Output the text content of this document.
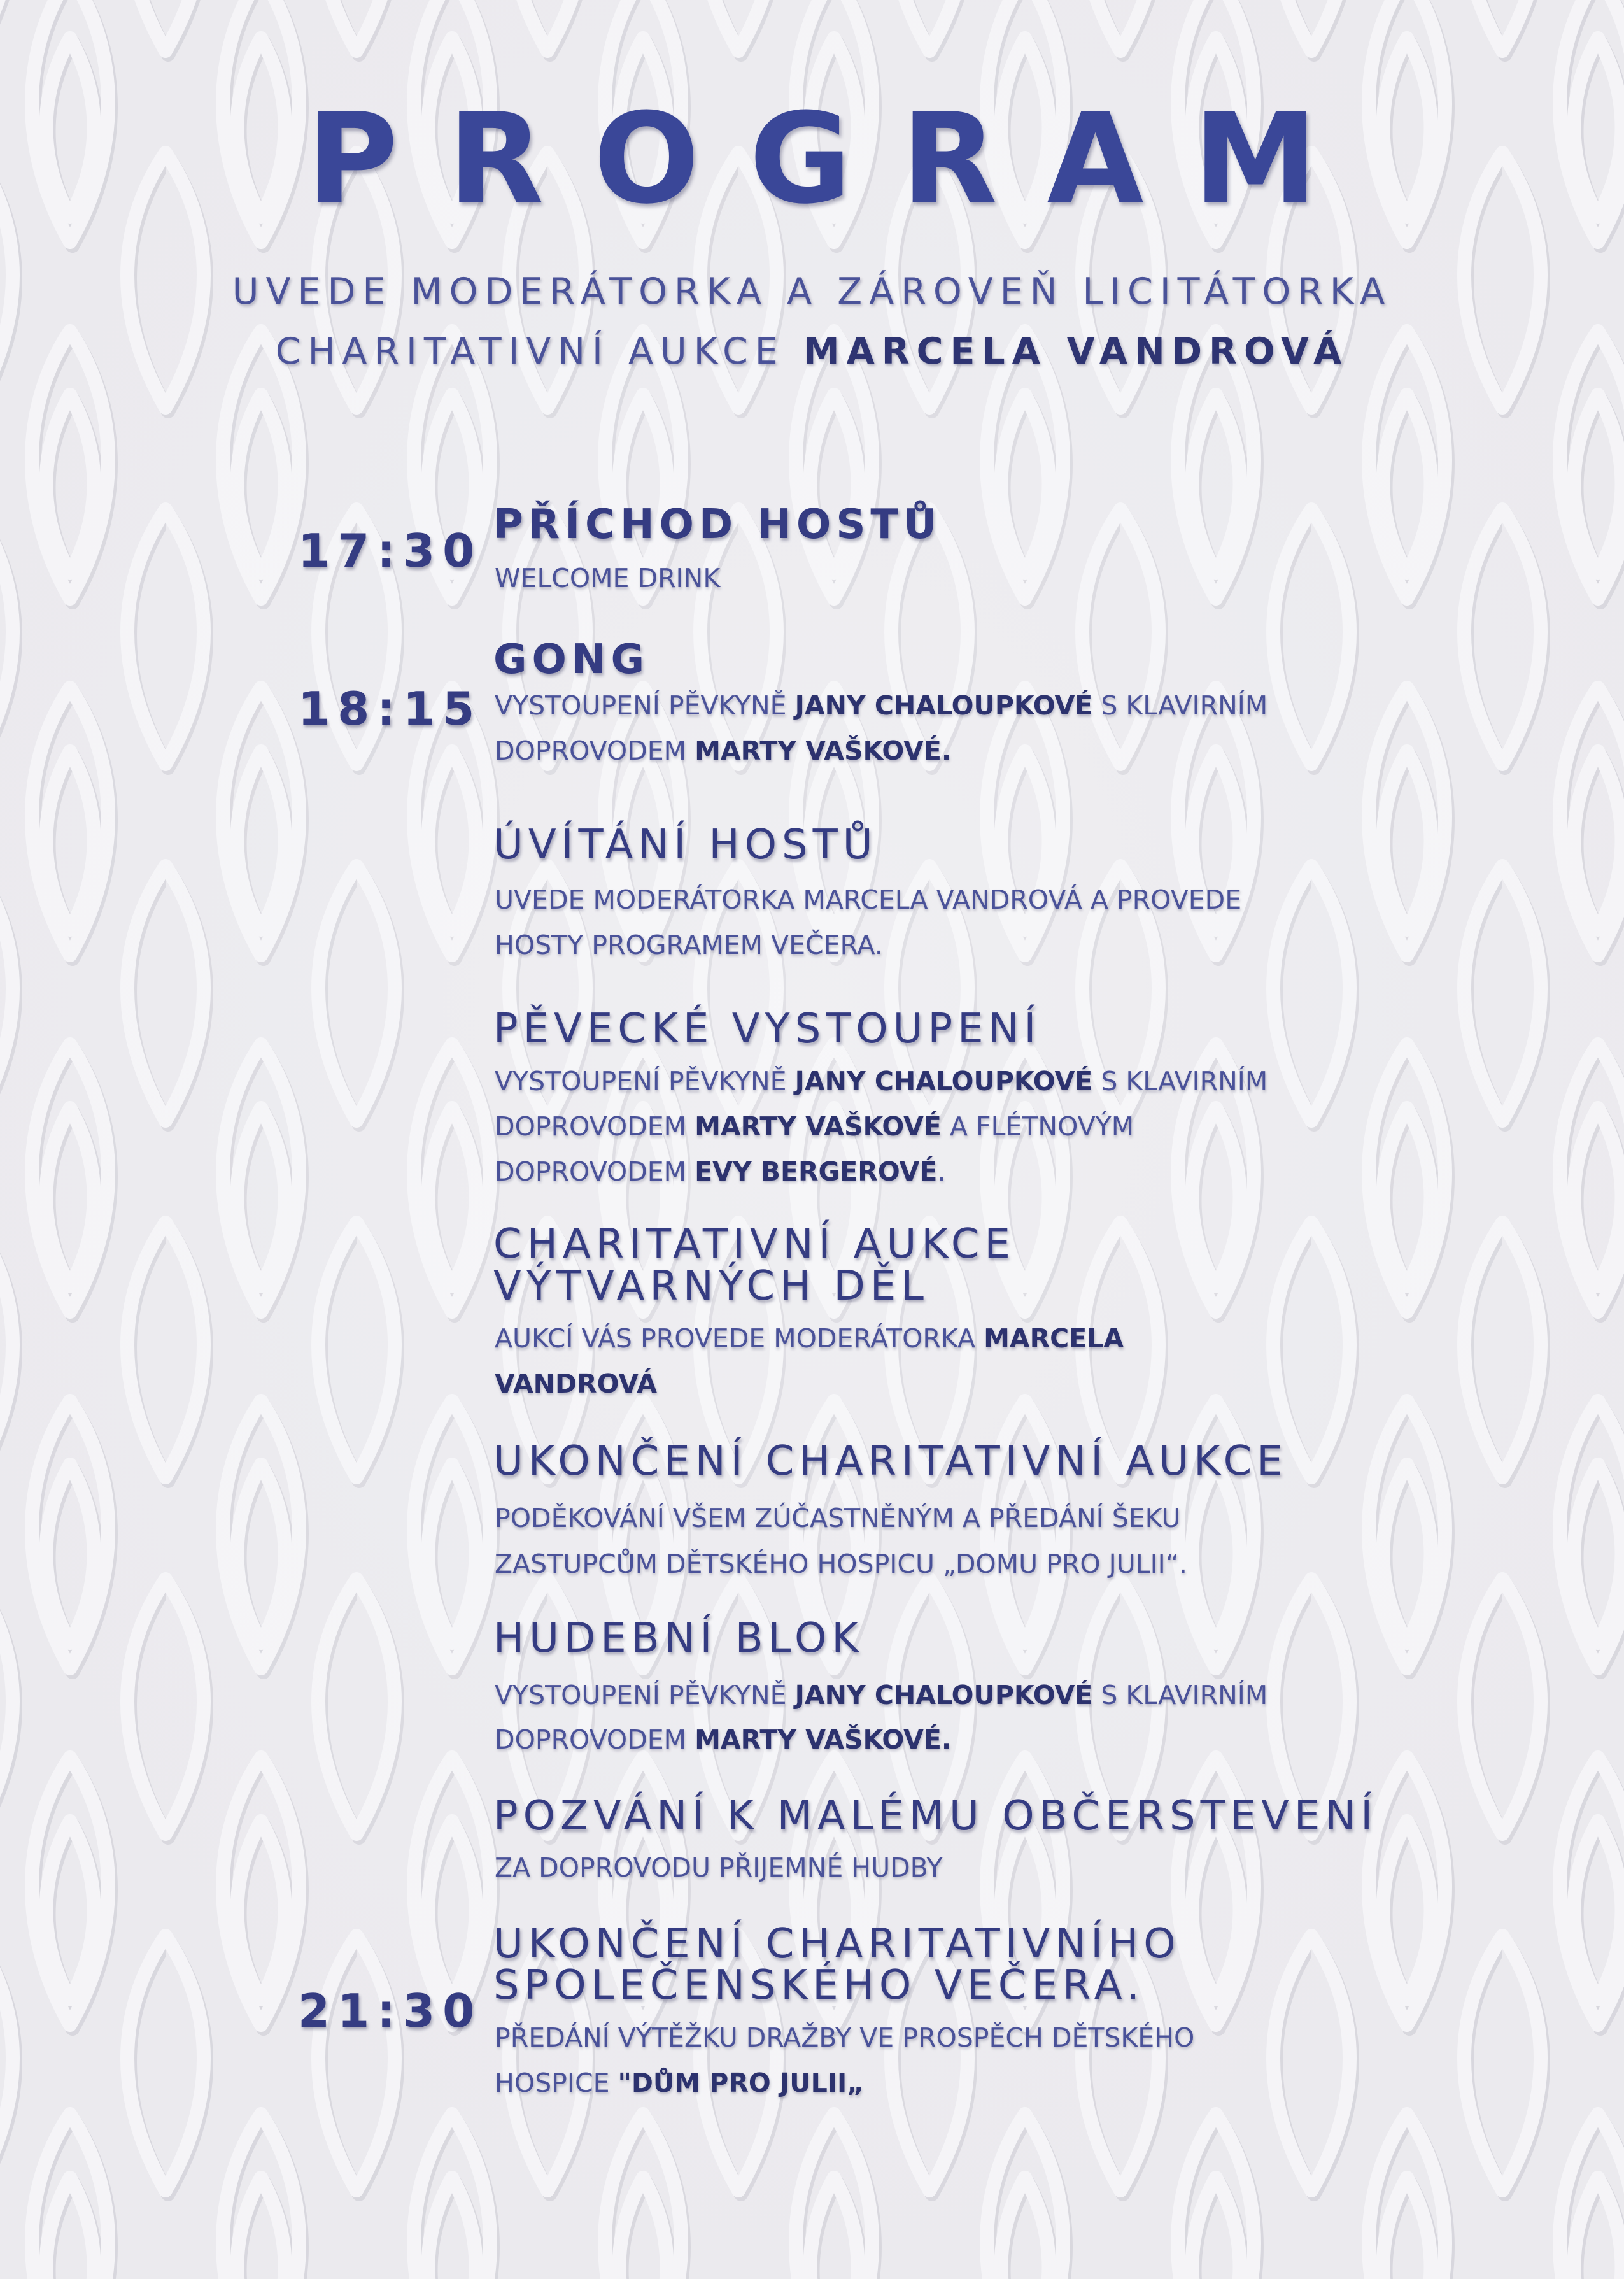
PROGRAM
UVEDE MODERÁTORKA A ZÁROVEŇ LICITÁTORKA
CHARITATIVNÍ AUKCE MARCELA VANDROVÁ
17:30
18:15
21:30
PŘÍCHOD HOSTŮ
WELCOME DRINK
GONG
VYSTOUPENÍ PĚVKYNĚ JANY CHALOUPKOVÉ S KLAVIRNÍM
DOPROVODEM MARTY VAŠKOVÉ.
ÚVÍTÁNÍ HOSTŮ
UVEDE MODERÁTORKA MARCELA VANDROVÁ A PROVEDE
HOSTY PROGRAMEM VEČERA.
PĚVECKÉ VYSTOUPENÍ
VYSTOUPENÍ PĚVKYNĚ JANY CHALOUPKOVÉ S KLAVIRNÍM
DOPROVODEM MARTY VAŠKOVÉ A FLÉTNOVÝM
DOPROVODEM EVY BERGEROVÉ.
CHARITATIVNÍ AUKCE
VÝTVARNÝCH DĚL
AUKCÍ VÁS PROVEDE MODERÁTORKA MARCELA
VANDROVÁ
UKONČENÍ CHARITATIVNÍ AUKCE
PODĚKOVÁNÍ VŠEM ZÚČASTNĚNÝM A PŘEDÁNÍ ŠEKU
ZASTUPCŮM DĚTSKÉHO HOSPICU „DOMU PRO JULII“.
HUDEBNÍ BLOK
VYSTOUPENÍ PĚVKYNĚ JANY CHALOUPKOVÉ S KLAVIRNÍM
DOPROVODEM MARTY VAŠKOVÉ.
POZVÁNÍ K MALÉMU OBČERSTEVENÍ
ZA DOPROVODU PŘIJEMNÉ HUDBY
UKONČENÍ CHARITATIVNÍHO
SPOLEČENSKÉHO VEČERA.
PŘEDÁNÍ VÝTĚŽKU DRAŽBY VE PROSPĚCH DĚTSKÉHO
HOSPICE "DŮM PRO JULII„
